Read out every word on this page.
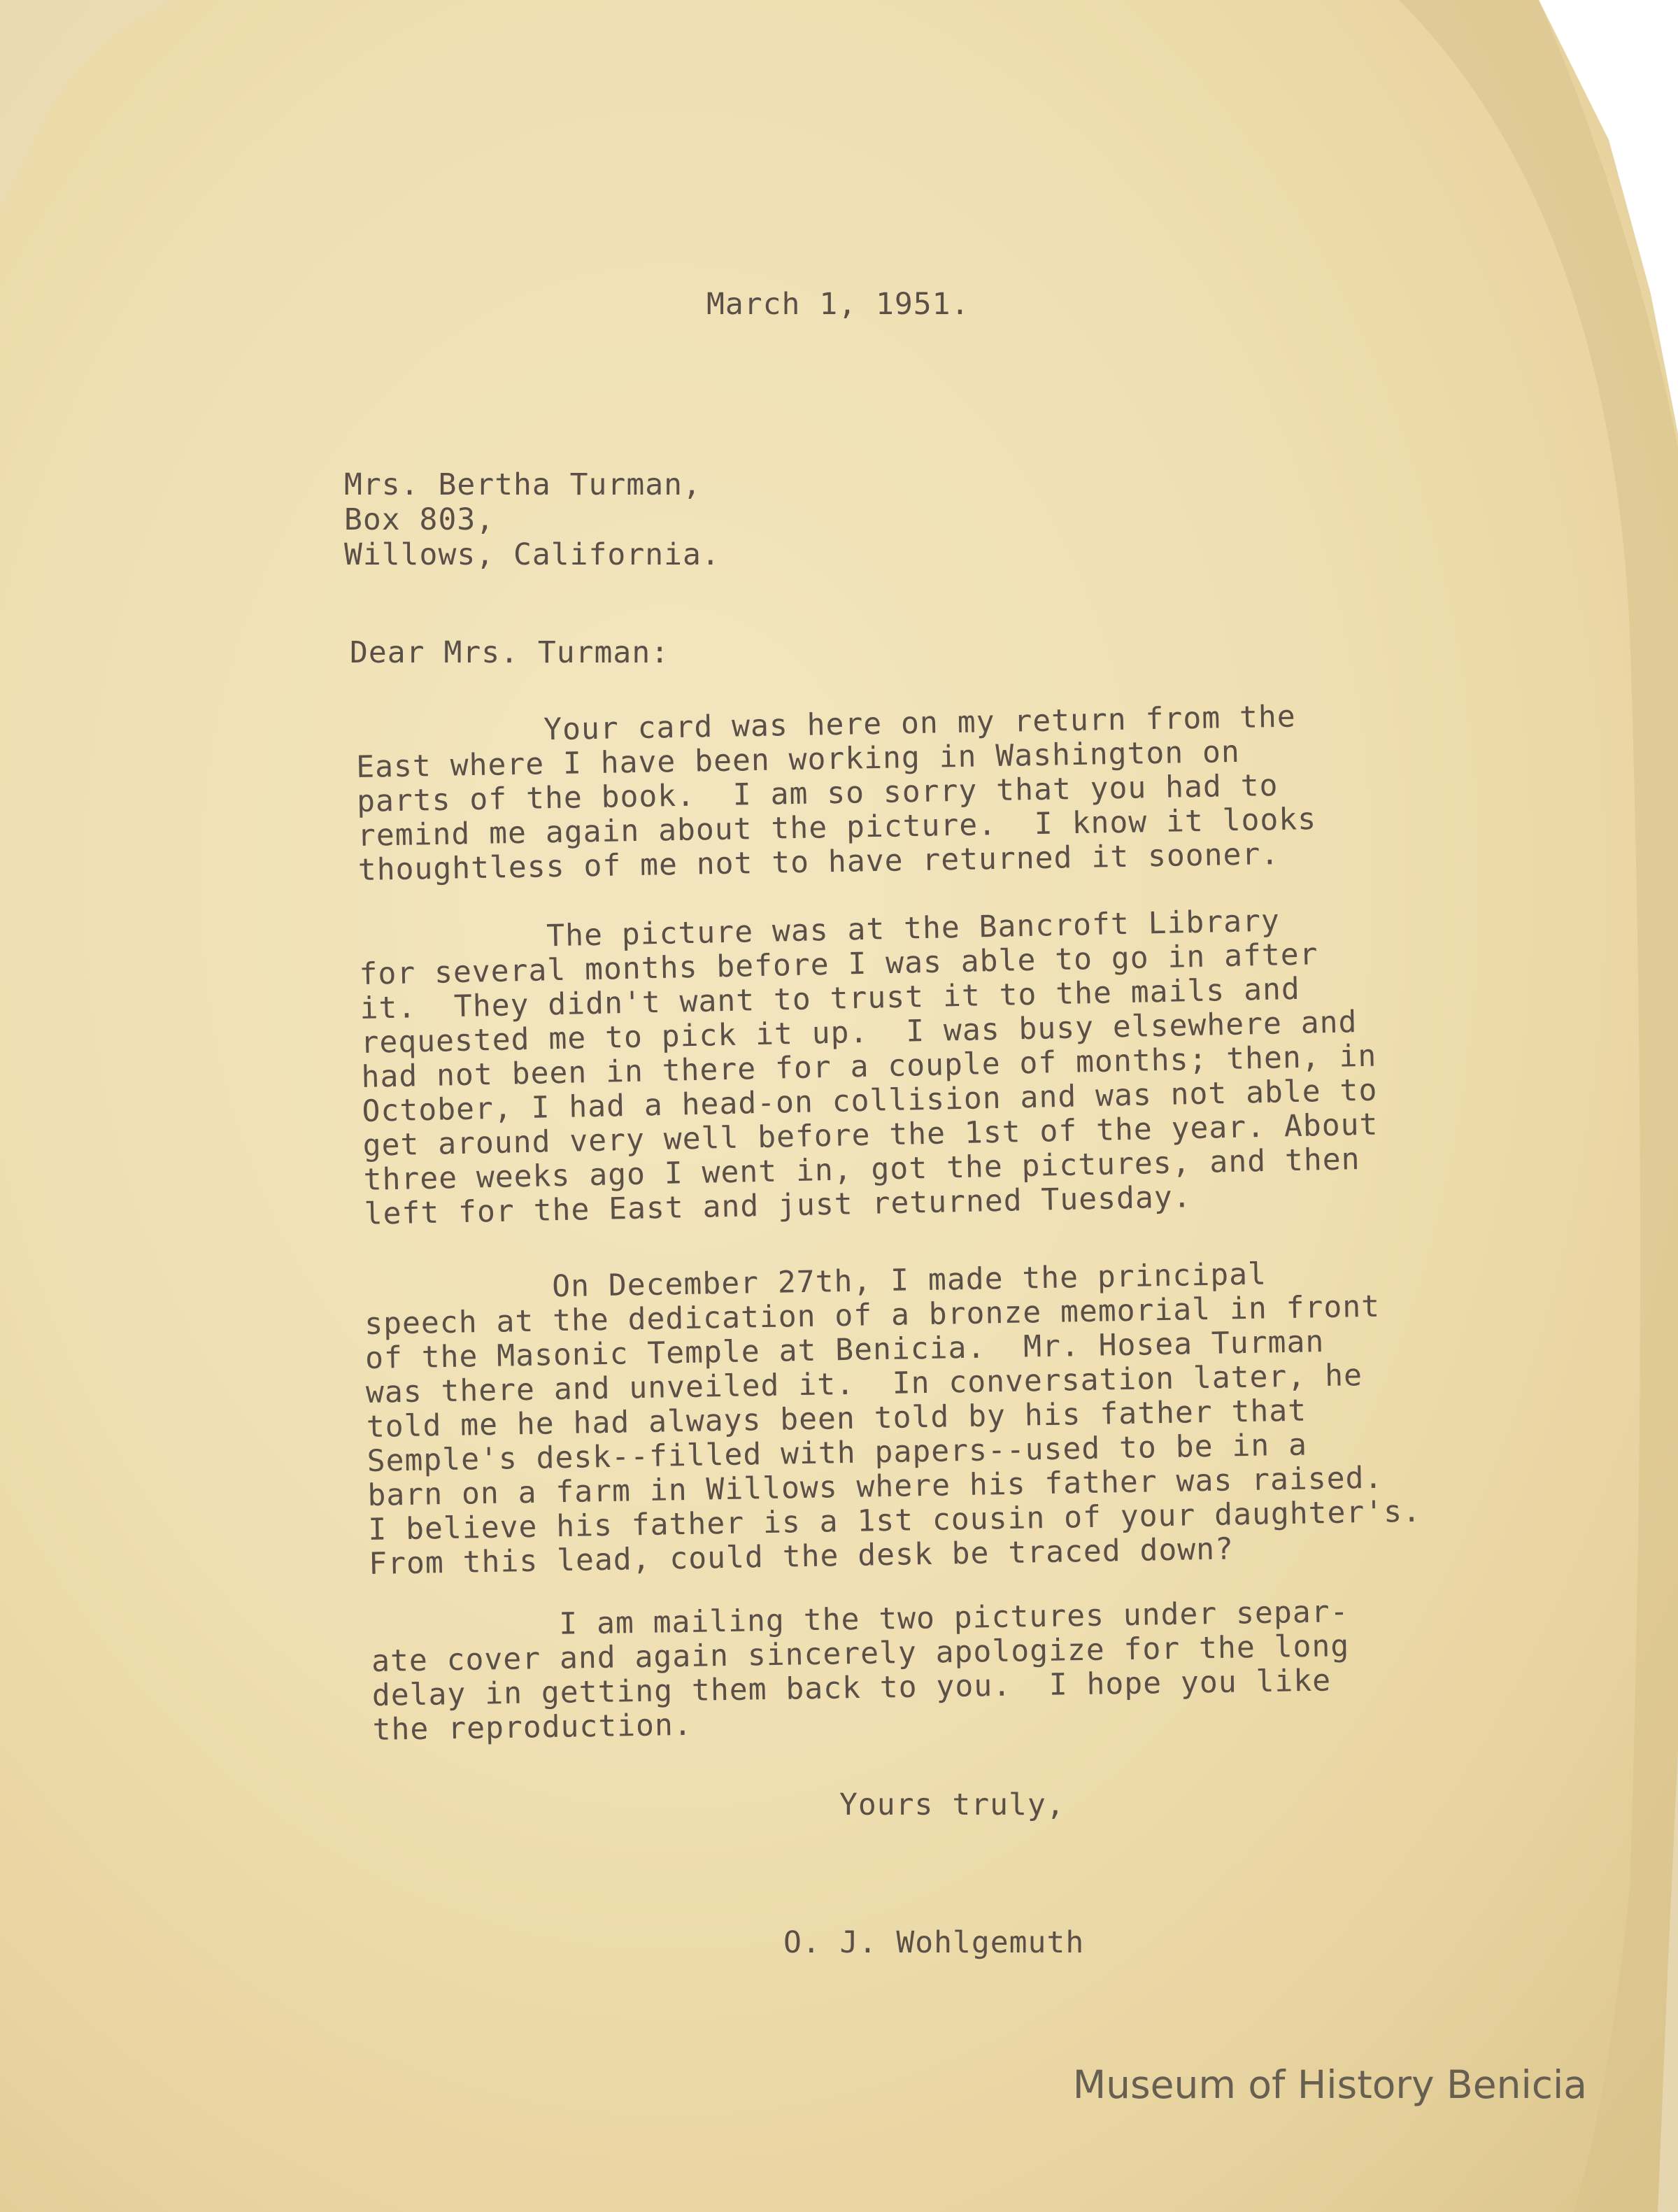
March 1, 1951.
Mrs. Bertha Turman,
Box 803,
Willows, California.
Dear Mrs. Turman:
Your card was here on my return from the
East where I have been working in Washington on
parts of the book.  I am so sorry that you had to
remind me again about the picture.  I know it looks
thoughtless of me not to have returned it sooner.
The picture was at the Bancroft Library
for several months before I was able to go in after
it.  They didn't want to trust it to the mails and
requested me to pick it up.  I was busy elsewhere and
had not been in there for a couple of months; then, in
October, I had a head-on collision and was not able to
get around very well before the 1st of the year. About
three weeks ago I went in, got the pictures, and then
left for the East and just returned Tuesday.
On December 27th, I made the principal
speech at the dedication of a bronze memorial in front
of the Masonic Temple at Benicia.  Mr. Hosea Turman
was there and unveiled it.  In conversation later, he
told me he had always been told by his father that
Semple's desk--filled with papers--used to be in a
barn on a farm in Willows where his father was raised.
I believe his father is a 1st cousin of your daughter's.
From this lead, could the desk be traced down?
I am mailing the two pictures under separ-
ate cover and again sincerely apologize for the long
delay in getting them back to you.  I hope you like
the reproduction.
Yours truly,
O. J. Wohlgemuth
Museum of History Benicia
